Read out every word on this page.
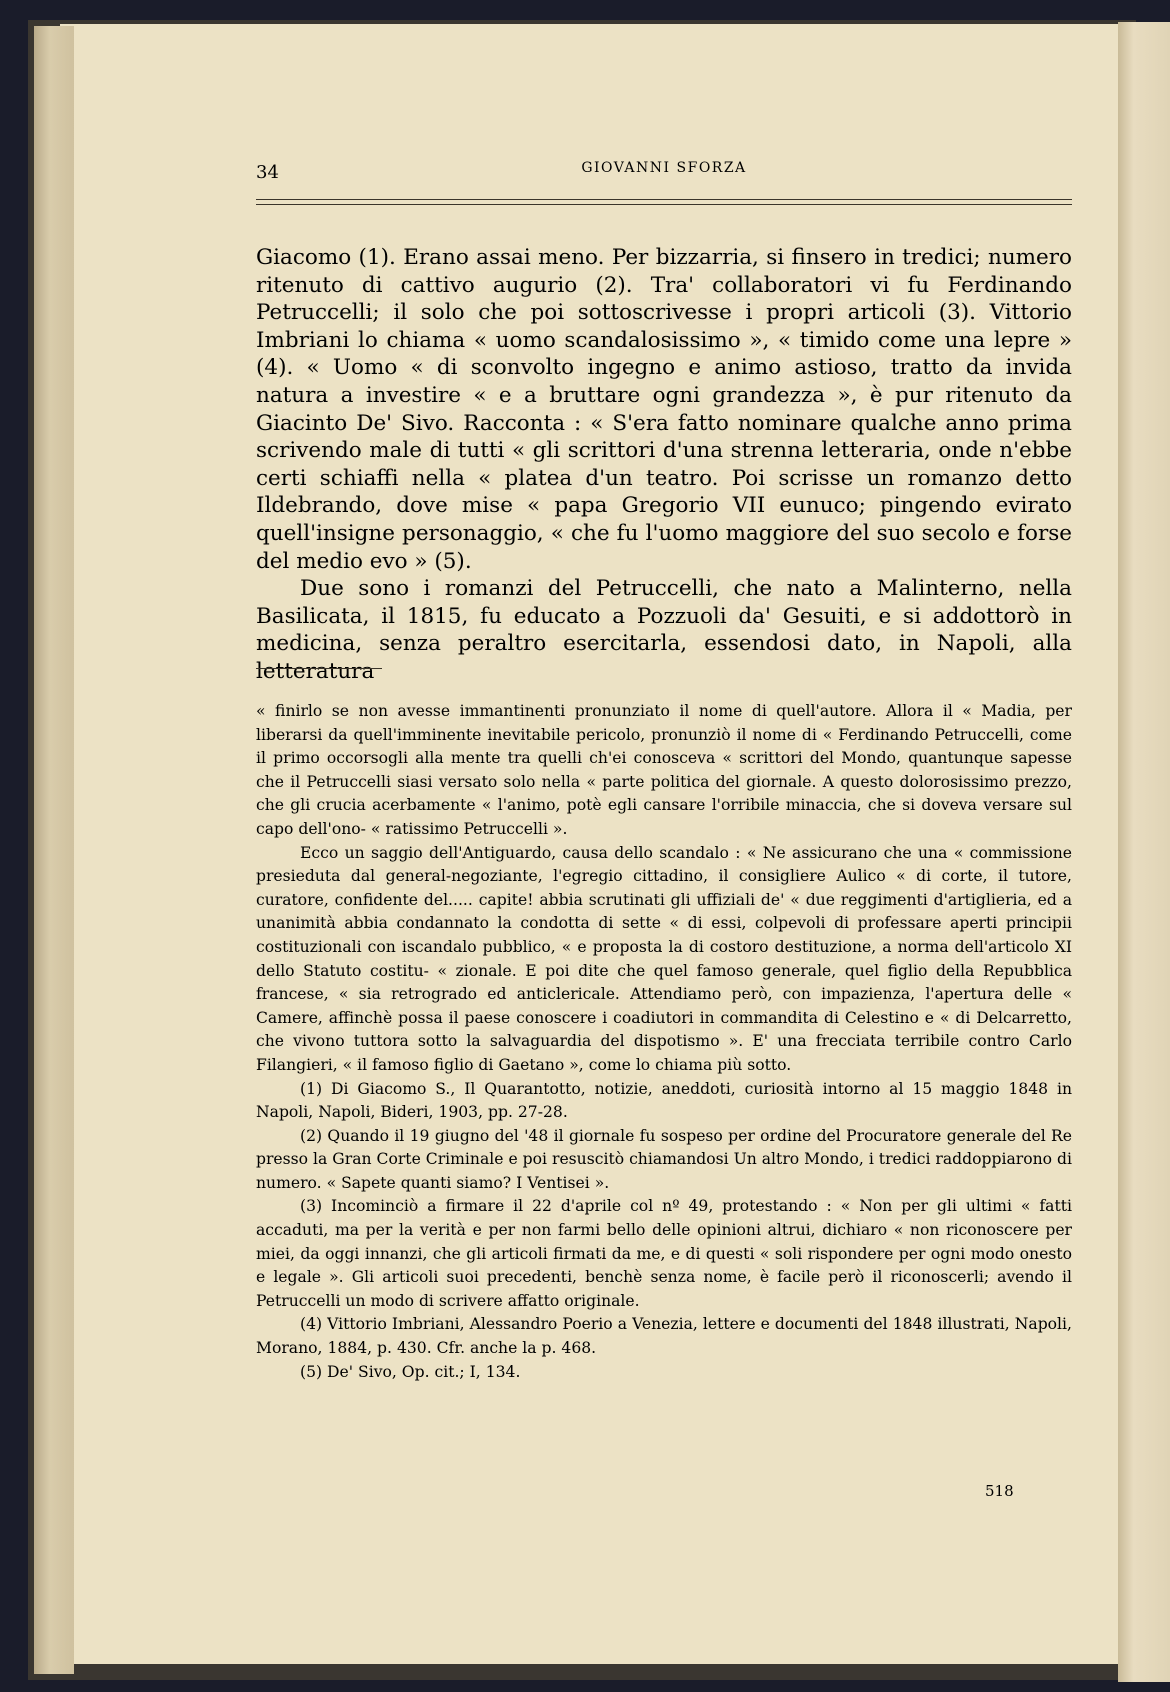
34	GIOVANNI SFORZA

Giacomo (1). Erano assai meno. Per bizzarria, si finsero in tredici; numero ritenuto di cattivo augurio (2). Tra' collaboratori vi fu Ferdinando Petruccelli; il solo che poi sottoscrivesse i propri articoli (3). Vittorio Imbriani lo chiama « uomo scandalosissimo », « timido come una lepre » (4). « Uomo « di sconvolto ingegno e animo astioso, tratto da invida natura a investire « e a bruttare ogni grandezza », è pur ritenuto da Giacinto De' Sivo. Racconta : « S'era fatto nominare qualche anno prima scrivendo male di tutti « gli scrittori d'una strenna letteraria, onde n'ebbe certi schiaffi nella « platea d'un teatro. Poi scrisse un romanzo detto Ildebrando, dove mise « papa Gregorio VII eunuco; pingendo evirato quell'insigne personaggio, « che fu l'uomo maggiore del suo secolo e forse del medio evo » (5).

Due sono i romanzi del Petruccelli, che nato a Malinterno, nella Basilicata, il 1815, fu educato a Pozzuoli da' Gesuiti, e si addottorò in medicina, senza peraltro esercitarla, essendosi dato, in Napoli, alla letteratura

« finirlo se non avesse immantinenti pronunziato il nome di quell'autore. Allora il « Madia, per liberarsi da quell'imminente inevitabile pericolo, pronunziò il nome di « Ferdinando Petruccelli, come il primo occorsogli alla mente tra quelli ch'ei conosceva « scrittori del Mondo, quantunque sapesse che il Petruccelli siasi versato solo nella « parte politica del giornale. A questo dolorosissimo prezzo, che gli crucia acerbamente « l'animo, potè egli cansare l'orribile minaccia, che si doveva versare sul capo dell'ono- « ratissimo Petruccelli ».

Ecco un saggio dell'Antiguardo, causa dello scandalo : « Ne assicurano che una « commissione presieduta dal general-negoziante, l'egregio cittadino, il consigliere Aulico « di corte, il tutore, curatore, confidente del..... capite! abbia scrutinati gli uffiziali de' « due reggimenti d'artiglieria, ed a unanimità abbia condannato la condotta di sette « di essi, colpevoli di professare aperti principii costituzionali con iscandalo pubblico, « e proposta la di costoro destituzione, a norma dell'articolo XI dello Statuto costitu- « zionale. E poi dite che quel famoso generale, quel figlio della Repubblica francese, « sia retrogrado ed anticlericale. Attendiamo però, con impazienza, l'apertura delle « Camere, affinchè possa il paese conoscere i coadiutori in commandita di Celestino e « di Delcarretto, che vivono tuttora sotto la salvaguardia del dispotismo ». E' una frecciata terribile contro Carlo Filangieri, « il famoso figlio di Gaetano », come lo chiama più sotto.

(1) Di Giacomo S., Il Quarantotto, notizie, aneddoti, curiosità intorno al 15 maggio 1848 in Napoli, Napoli, Bideri, 1903, pp. 27-28.

(2) Quando il 19 giugno del '48 il giornale fu sospeso per ordine del Procuratore generale del Re presso la Gran Corte Criminale e poi resuscitò chiamandosi Un altro Mondo, i tredici raddoppiarono di numero. « Sapete quanti siamo? I Ventisei ».

(3) Incominciò a firmare il 22 d'aprile col nº 49, protestando : « Non per gli ultimi « fatti accaduti, ma per la verità e per non farmi bello delle opinioni altrui, dichiaro « non riconoscere per miei, da oggi innanzi, che gli articoli firmati da me, e di questi « soli rispondere per ogni modo onesto e legale ». Gli articoli suoi precedenti, benchè senza nome, è facile però il riconoscerli; avendo il Petruccelli un modo di scrivere affatto originale.

(4) Vittorio Imbriani, Alessandro Poerio a Venezia, lettere e documenti del 1848 illustrati, Napoli, Morano, 1884, p. 430. Cfr. anche la p. 468.

(5) De' Sivo, Op. cit.; I, 134.

518
